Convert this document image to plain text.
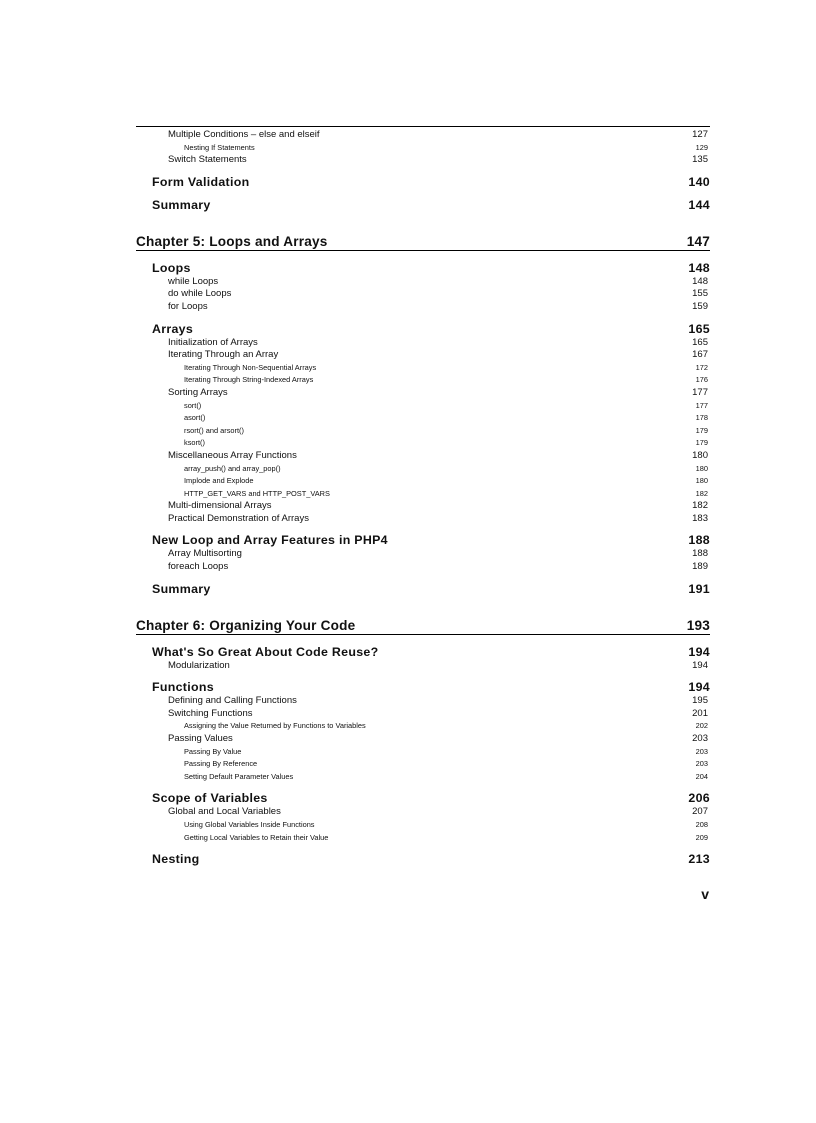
Multiple Conditions – else and elseif	127
Nesting If Statements	129
Switch Statements	135
Form Validation	140
Summary	144
Chapter 5: Loops and Arrays	147
Loops	148
while Loops	148
do while Loops	155
for Loops	159
Arrays	165
Initialization of Arrays	165
Iterating Through an Array	167
Iterating Through Non-Sequential Arrays	172
Iterating Through String-Indexed Arrays	176
Sorting Arrays	177
sort()	177
asort()	178
rsort() and arsort()	179
ksort()	179
Miscellaneous Array Functions	180
array_push() and array_pop()	180
Implode and Explode	180
HTTP_GET_VARS and HTTP_POST_VARS	182
Multi-dimensional Arrays	182
Practical Demonstration of Arrays	183
New Loop and Array Features in PHP4	188
Array Multisorting	188
foreach Loops	189
Summary	191
Chapter 6: Organizing Your Code	193
What's So Great About Code Reuse?	194
Modularization	194
Functions	194
Defining and Calling Functions	195
Switching Functions	201
Assigning the Value Returned by Functions to Variables	202
Passing Values	203
Passing By Value	203
Passing By Reference	203
Setting Default Parameter Values	204
Scope of Variables	206
Global and Local Variables	207
Using Global Variables Inside Functions	208
Getting Local Variables to Retain their Value	209
Nesting	213
v
